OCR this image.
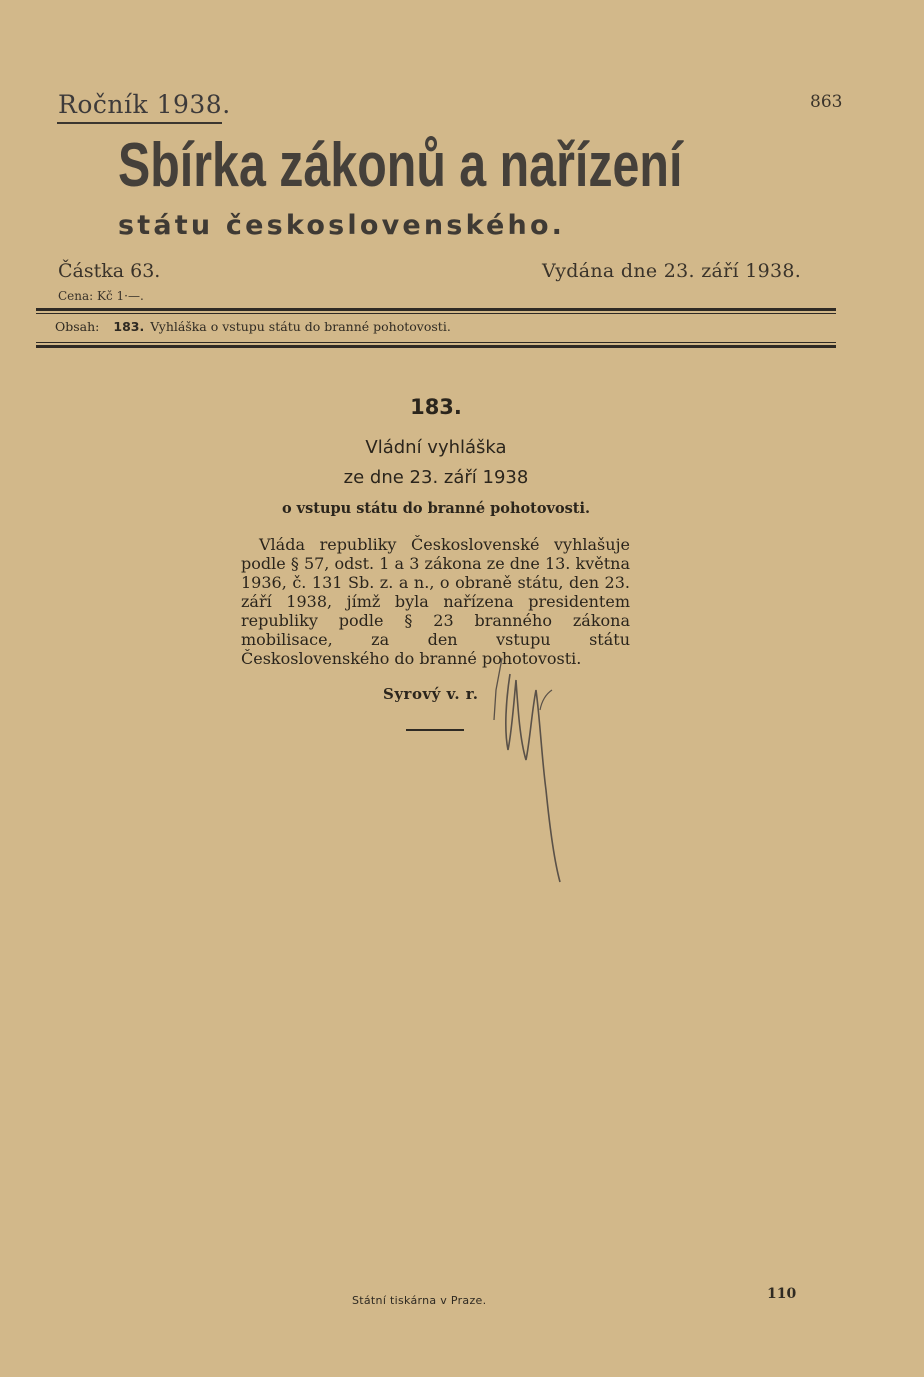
Ročník 1938.	863
Sbírka zákonů a nařízení
státu československého.
Částka 63.	Vydána dne 23. září 1938.
Cena: Kč 1·—.
Obsah: 183. Vyhláška o vstupu státu do branné pohotovosti.
183.
Vládní vyhláška
ze dne 23. září 1938
o vstupu státu do branné pohotovosti.

Vláda republiky Československé vyhlašuje podle § 57, odst. 1 a 3 zákona ze dne 13. května 1936, č. 131 Sb. z. a n., o obraně státu, den 23. září 1938, jímž byla nařízena presidentem republiky podle § 23 branného zákona mobilisace, za den vstupu státu Československého do branné pohotovosti.

Syrový v. r.
Státní tiskárna v Praze.	110
